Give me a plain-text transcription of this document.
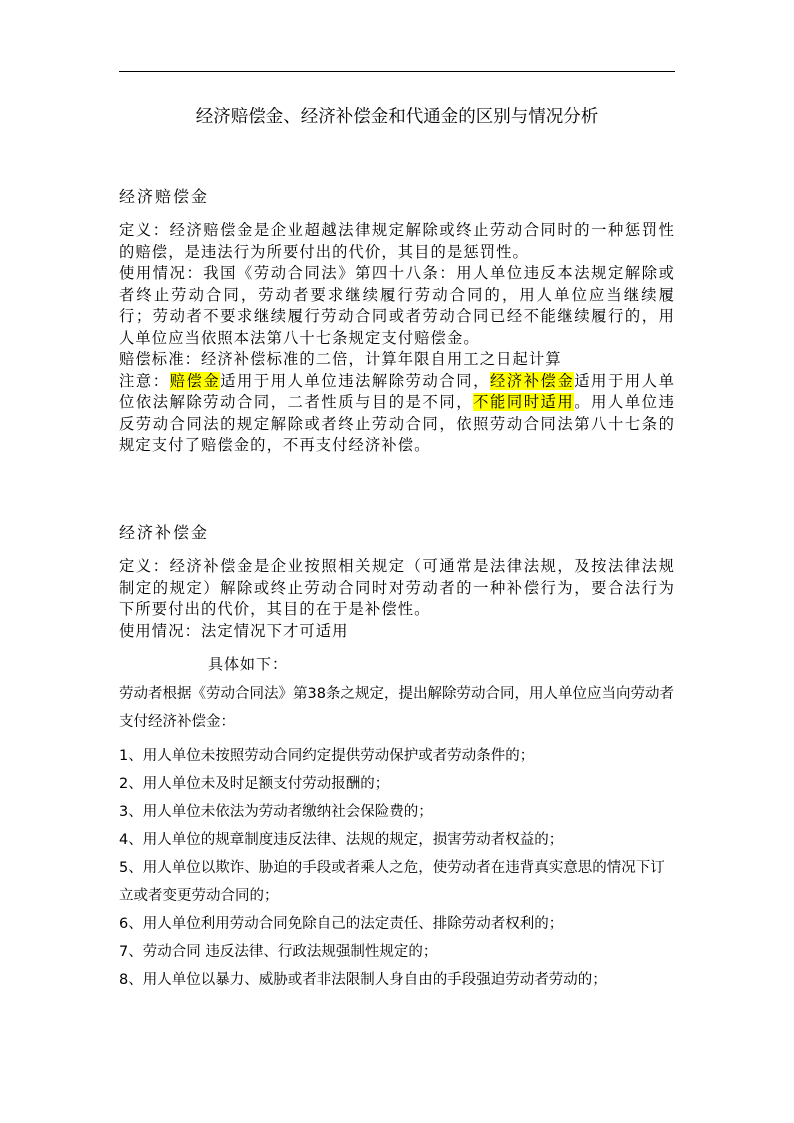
经济赔偿金、经济补偿金和代通金的区别与情况分析
经济赔偿金

定义：经济赔偿金是企业超越法律规定解除或终止劳动合同时的一种惩罚性的赔偿，是违法行为所要付出的代价，其目的是惩罚性。

使用情况：我国《劳动合同法》第四十八条：用人单位违反本法规定解除或者终止劳动合同，劳动者要求继续履行劳动合同的，用人单位应当继续履行；劳动者不要求继续履行劳动合同或者劳动合同已经不能继续履行的，用人单位应当依照本法第八十七条规定支付赔偿金。

赔偿标准：经济补偿标准的二倍，计算年限自用工之日起计算

注意：赔偿金适用于用人单位违法解除劳动合同，经济补偿金适用于用人单位依法解除劳动合同，二者性质与目的是不同，不能同时适用。用人单位违反劳动合同法的规定解除或者终止劳动合同，依照劳动合同法第八十七条的规定支付了赔偿金的，不再支付经济补偿。

经济补偿金

定义：经济补偿金是企业按照相关规定（可通常是法律法规，及按法律法规制定的规定）解除或终止劳动合同时对劳动者的一种补偿行为，要合法行为下所要付出的代价，其目的在于是补偿性。

使用情况：法定情况下才可适用

具体如下：

劳动者根据《劳动合同法》第38条之规定，提出解除劳动合同，用人单位应当向劳动者支付经济补偿金：

1、用人单位未按照劳动合同约定提供劳动保护或者劳动条件的；
2、用人单位未及时足额支付劳动报酬的；
3、用人单位未依法为劳动者缴纳社会保险费的；
4、用人单位的规章制度违反法律、法规的规定，损害劳动者权益的；
5、用人单位以欺诈、胁迫的手段或者乘人之危，使劳动者在违背真实意思的情况下订立或者变更劳动合同的；
6、用人单位利用劳动合同免除自己的法定责任、排除劳动者权利的；
7、劳动合同 违反法律、行政法规强制性规定的；
8、用人单位以暴力、威胁或者非法限制人身自由的手段强迫劳动者劳动的；
